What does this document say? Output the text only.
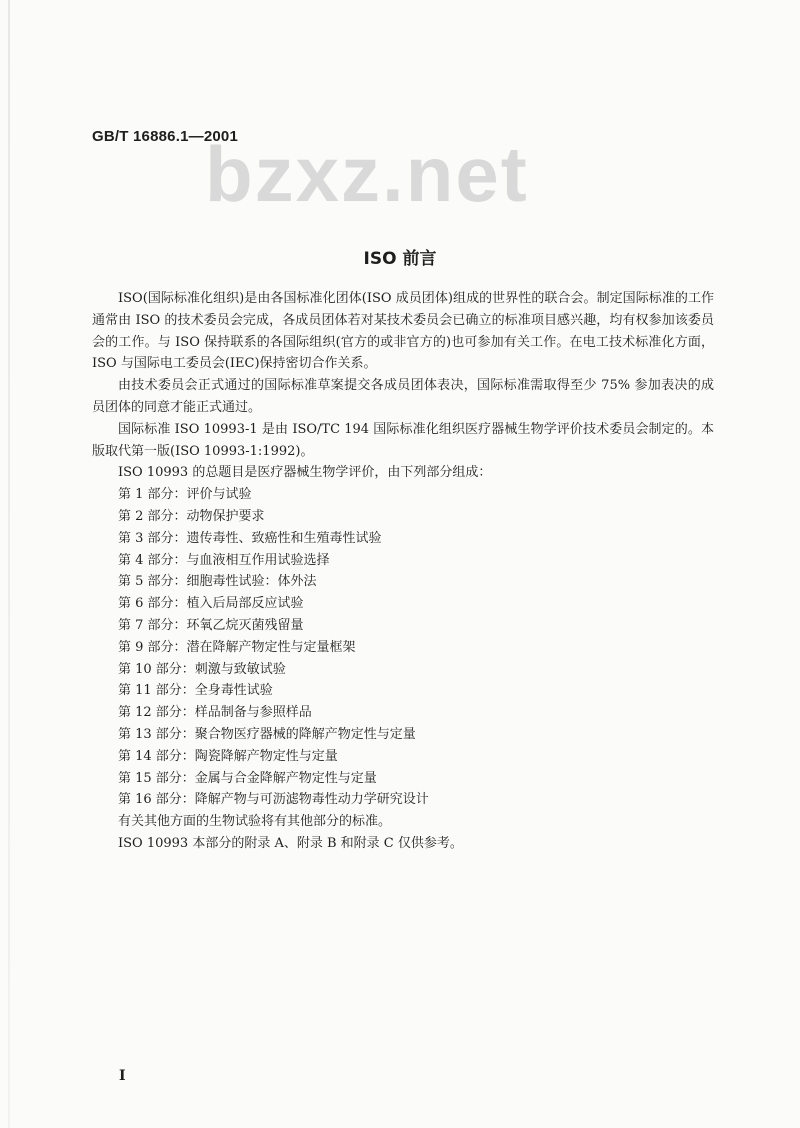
GB/T 16886.1—2001
bzxz.net
ISO 前言

ISO(国际标准化组织)是由各国标准化团体(ISO 成员团体)组成的世界性的联合会。制定国际标准的工作通常由 ISO 的技术委员会完成，各成员团体若对某技术委员会已确立的标准项目感兴趣，均有权参加该委员会的工作。与 ISO 保持联系的各国际组织(官方的或非官方的)也可参加有关工作。在电工技术标准化方面，ISO 与国际电工委员会(IEC)保持密切合作关系。

由技术委员会正式通过的国际标准草案提交各成员团体表决，国际标准需取得至少 75% 参加表决的成员团体的同意才能正式通过。

国际标准 ISO 10993-1 是由 ISO/TC 194 国际标准化组织医疗器械生物学评价技术委员会制定的。本版取代第一版(ISO 10993-1:1992)。

ISO 10993 的总题目是医疗器械生物学评价，由下列部分组成：

第 1 部分：评价与试验

第 2 部分：动物保护要求

第 3 部分：遗传毒性、致癌性和生殖毒性试验

第 4 部分：与血液相互作用试验选择

第 5 部分：细胞毒性试验：体外法

第 6 部分：植入后局部反应试验

第 7 部分：环氧乙烷灭菌残留量

第 9 部分：潜在降解产物定性与定量框架

第 10 部分：刺激与致敏试验

第 11 部分：全身毒性试验

第 12 部分：样品制备与参照样品

第 13 部分：聚合物医疗器械的降解产物定性与定量

第 14 部分：陶瓷降解产物定性与定量

第 15 部分：金属与合金降解产物定性与定量

第 16 部分：降解产物与可沥滤物毒性动力学研究设计

有关其他方面的生物试验将有其他部分的标准。

ISO 10993 本部分的附录 A、附录 B 和附录 C 仅供参考。

I
